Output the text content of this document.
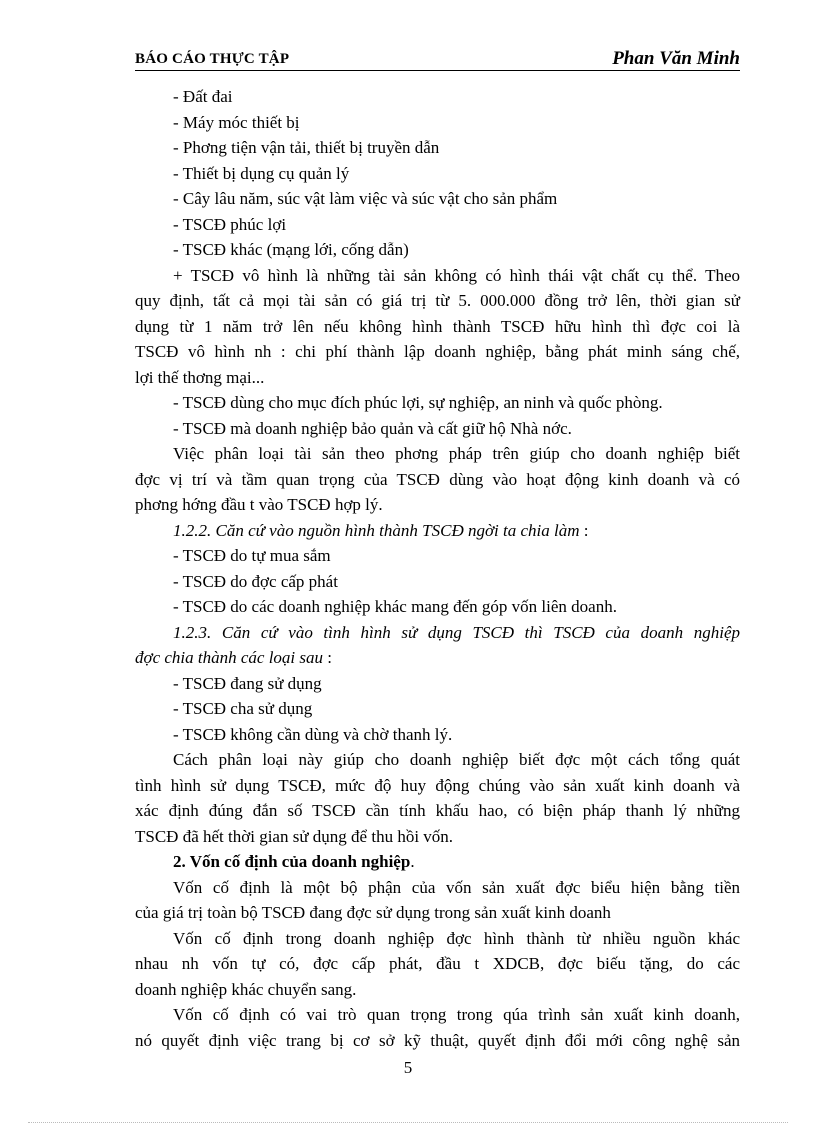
BÁO CÁO THỰC TẬP	Phan Văn Minh
- Đất đai
- Máy móc thiết bị
- Phơng tiện vận tải, thiết bị truyền dẫn
- Thiết bị dụng cụ quản lý
- Cây lâu năm, súc vật làm việc và súc vật cho sản phẩm
- TSCĐ phúc lợi
- TSCĐ khác (mạng lới, cống dẫn)
+ TSCĐ vô hình là những tài sản không có hình thái vật chất cụ thể. Theo
quy định, tất cả mọi tài sản có giá trị từ 5. 000.000 đồng trở lên, thời gian sử
dụng từ 1 năm trở lên nếu không hình thành TSCĐ hữu hình thì đợc coi là
TSCĐ vô hình nh : chi phí thành lập doanh nghiệp, bằng phát minh sáng chế,
lợi thế thơng mại...
- TSCĐ dùng cho mục đích phúc lợi, sự nghiệp, an ninh và quốc phòng.
- TSCĐ mà doanh nghiệp bảo quản và cất giữ hộ Nhà nớc.
Việc phân loại tài sản theo phơng pháp trên giúp cho doanh nghiệp biết
đợc vị trí và tầm quan trọng của TSCĐ dùng vào hoạt động kinh doanh và có
phơng hớng đầu t vào TSCĐ hợp lý.
1.2.2. Căn cứ vào nguồn hình thành TSCĐ ngời ta chia làm :
- TSCĐ do tự mua sắm
- TSCĐ do đợc cấp phát
- TSCĐ do các doanh nghiệp khác mang đến góp vốn liên doanh.
1.2.3. Căn cứ vào tình hình sử dụng TSCĐ thì TSCĐ của doanh nghiệp
đợc chia thành các loại sau :
- TSCĐ đang sử dụng
- TSCĐ cha sử dụng
- TSCĐ không cần dùng và chờ thanh lý.
Cách phân loại này giúp cho doanh nghiệp biết đợc một cách tổng quát
tình hình sử dụng TSCĐ, mức độ huy động chúng vào sản xuất kinh doanh và
xác định đúng đắn số TSCĐ cần tính khấu hao, có biện pháp thanh lý những
TSCĐ đã hết thời gian sử dụng để thu hồi vốn.
2. Vốn cố định của doanh nghiệp.
Vốn cố định là một bộ phận của vốn sản xuất đợc biểu hiện bằng tiền
của giá trị toàn bộ TSCĐ đang đợc sử dụng trong sản xuất kinh doanh
Vốn cố định trong doanh nghiệp đợc hình thành từ nhiều nguồn khác
nhau nh vốn tự có, đợc cấp phát, đầu t XDCB, đợc biếu tặng, do các
doanh nghiệp khác chuyển sang.
Vốn cố định có vai trò quan trọng trong qúa trình sản xuất kinh doanh,
nó quyết định việc trang bị cơ sở kỹ thuật, quyết định đổi mới công nghệ sản
5
